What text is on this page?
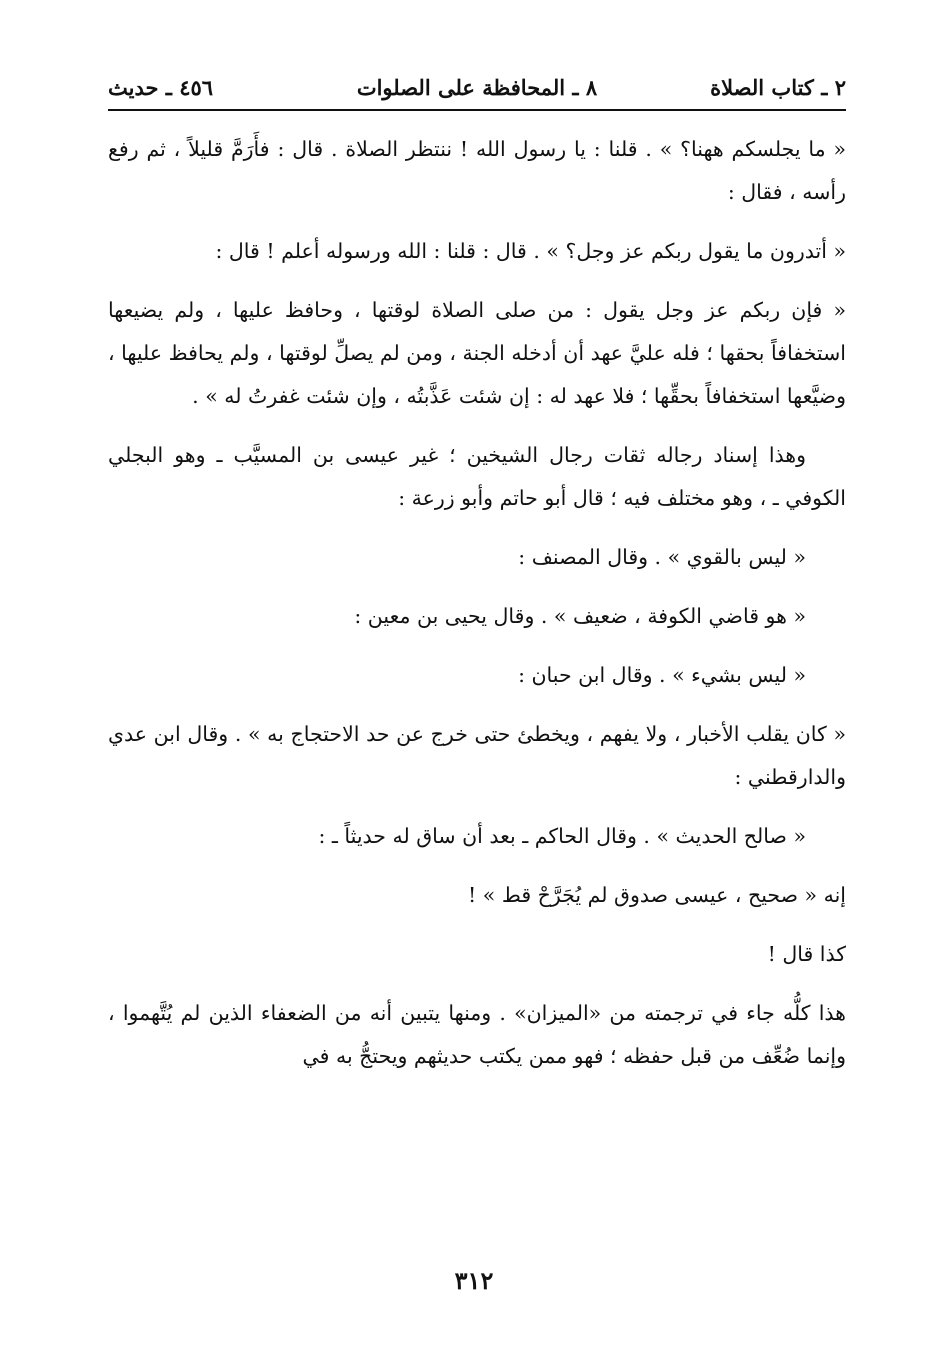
٢ ـ كتاب الصلاة
٨ ـ المحافظة على الصلوات
٤٥٦ ـ حديث

« ما يجلسكم ههنا؟ » . قلنا : يا رسول الله ! ننتظر الصلاة . قال : فأَرَمَّ قليلاً ، ثم رفع رأسه ، فقال :

« أتدرون ما يقول ربكم عز وجل؟ » . قال : قلنا : الله ورسوله أعلم ! قال :

« فإن ربكم عز وجل يقول : من صلى الصلاة لوقتها ، وحافظ عليها ، ولم يضيعها استخفافاً بحقها ؛ فله عليَّ عهد أن أدخله الجنة ، ومن لم يصلِّ لوقتها ، ولم يحافظ عليها ، وضيَّعها استخفافاً بحقِّها ؛ فلا عهد له : إن شئت عَذَّبتُه ، وإن شئت غفرتُ له » .

وهذا إسناد رجاله ثقات رجال الشيخين ؛ غير عيسى بن المسيَّب ـ وهو البجلي الكوفي ـ ، وهو مختلف فيه ؛ قال أبو حاتم وأبو زرعة :

« ليس بالقوي » . وقال المصنف :

« هو قاضي الكوفة ، ضعيف » . وقال يحيى بن معين :

« ليس بشيء » . وقال ابن حبان :

« كان يقلب الأخبار ، ولا يفهم ، ويخطئ حتى خرج عن حد الاحتجاج به » . وقال ابن عدي والدارقطني :

« صالح الحديث » . وقال الحاكم ـ بعد أن ساق له حديثاً ـ :

إنه « صحيح ، عيسى صدوق لم يُجَرَّحْ قط » !

كذا قال !

هذا كلُّه جاء في ترجمته من «الميزان» . ومنها يتبين أنه من الضعفاء الذين لم يُتَّهموا ، وإنما ضُعِّف من قبل حفظه ؛ فهو ممن يكتب حديثهم ويحتجُّ به في

٣١٢
